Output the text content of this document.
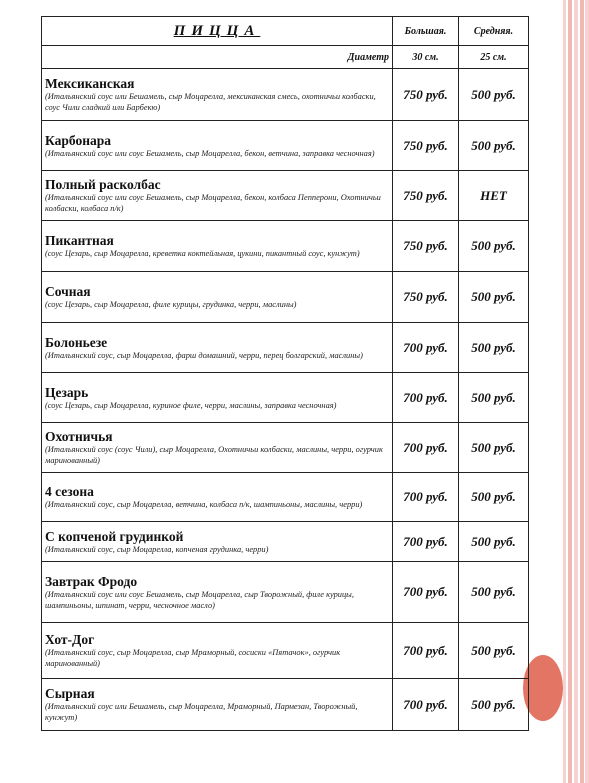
ПИЦЦА	Большая.	Средняя.
Диаметр	30 см.	25 см.

Мексиканская
(Итальянский соус или Бешамель, сыр Моцарелла, мексиканская смесь, охотничьи колбаски, соус Чили сладкий или Барбекю)	750 руб.	500 руб.

Карбонара
(Итальянский соус или соус Бешамель, сыр Моцарелла, бекон, ветчина, заправка чесночная)	750 руб.	500 руб.

Полный расколбас
(Итальянский соус или соус Бешамель, сыр Моцарелла, бекон, колбаса Пепперони, Охотничьи колбаски, колбаса п/к)	750 руб.	НЕТ

Пикантная
(соус Цезарь, сыр Моцарелла, креветка коктейльная, цукини, пикантный соус, кунжут)	750 руб.	500 руб.

Сочная
(соус Цезарь, сыр Моцарелла, филе курицы, грудинка, черри, маслины)	750 руб.	500 руб.

Болоньезе
(Итальянский соус, сыр Моцарелла, фарш домашний, черри, перец болгарский, маслины)	700 руб.	500 руб.

Цезарь
(соус Цезарь, сыр Моцарелла, куриное филе, черри, маслины, заправка чесночная)	700 руб.	500 руб.

Охотничья
(Итальянский соус (соус Чили), сыр Моцарелла, Охотничьи колбаски, маслины, черри, огурчик маринованный)	700 руб.	500 руб.

4 сезона
(Итальянский соус, сыр Моцарелла, ветчина, колбаса п/к, шампиньоны, маслины, черри)	700 руб.	500 руб.

С копченой грудинкой
(Итальянский соус, сыр Моцарелла, копченая грудинка, черри)	700 руб.	500 руб.

Завтрак Фродо
(Итальянский соус или соус Бешамель, сыр Моцарелла, сыр Творожный, филе курицы, шампиньоны, шпинат, черри, чесночное масло)	700 руб.	500 руб.

Хот-Дог
(Итальянский соус, сыр Моцарелла, сыр Мраморный, сосиски «Пятачок», огурчик маринованный)	700 руб.	500 руб.

Сырная
(Итальянский соус или Бешамель, сыр Моцарелла, Мраморный, Пармезан, Творожный, кунжут)	700 руб.	500 руб.
